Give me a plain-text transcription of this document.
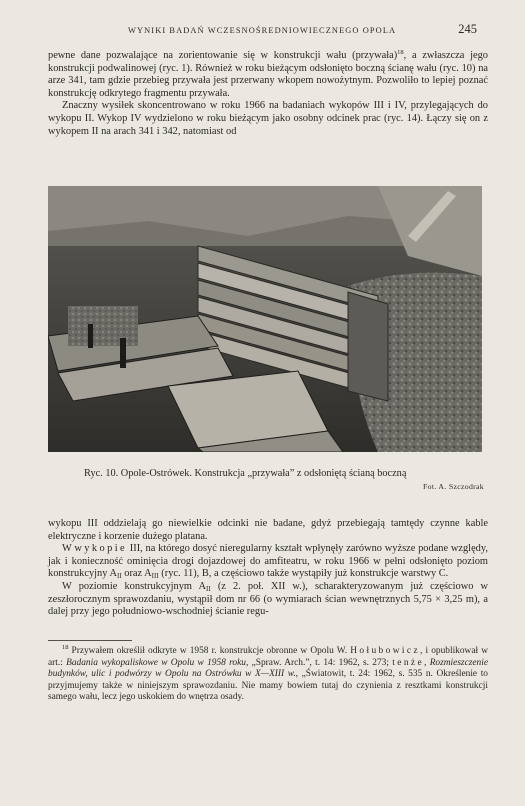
WYNIKI BADAŃ WCZESNOŚREDNIOWIECZNEGO OPOLA	245

pewne dane pozwalające na zorientowanie się w konstrukcji wału (przywała)$^{18}$, a zwłaszcza jego konstrukcji podwalinowej (ryc. 1). Również w roku bieżącym odsłonięto boczną ścianę wału (ryc. 10) na arze 341, tam gdzie przebieg przywała jest przerwany wkopem nowożytnym. Pozwoliło to lepiej poznać konstrukcję odkrytego fragmentu przywała.

Znaczny wysiłek skoncentrowano w roku 1966 na badaniach wykopów III i IV, przylegających do wykopu II. Wykop IV wydzielono w roku bieżącym jako osobny odcinek prac (ryc. 14). Łączy się on z wykopem II na arach 341 i 342, natomiast od

Ryc. 10. Opole-Ostrówek. Konstrukcja „przywała” z odsłoniętą ścianą boczną
Fot. A. Szczodrak

wykopu III oddzielają go niewielkie odcinki nie badane, gdyż przebiegają tamtędy czynne kable elektryczne i korzenie dużego platana.

W wykopie III, na którego dosyć nieregularny kształt wpłynęły zarówno wyższe podane względy, jak i konieczność ominięcia drogi dojazdowej do amfiteatru, w roku 1966 w pełni odsłonięto poziom konstrukcyjny $A_{II}$ oraz $A_{III}$ (ryc. 11), B, a częściowo także wystąpiły już konstrukcje warstwy C.

W poziomie konstrukcyjnym $A_{II}$ (z 2. poł. XII w.), scharakteryzowanym już częściowo w zeszłorocznym sprawozdaniu, wystąpił dom nr 66 (o wymiarach ścian wewnętrznych 5,75 × 3,25 m), a dalej przy jego południowo-wschodniej ścianie regu-

$^{18}$ Przywałem określił odkryte w 1958 r. konstrukcje obronne w Opolu W. Hołubowicz, i opublikował w art.: Badania wykopaliskowe w Opolu w 1958 roku, „Spraw. Arch.”, t. 14: 1962, s. 273; tenże, Rozmieszczenie budynków, ulic i podwórzy w Opolu na Ostrówku w X—XIII w., „Światowit, t. 24: 1962, s. 535 n. Określenie to przyjmujemy także w niniejszym sprawozdaniu. Nie mamy bowiem tutaj do czynienia z resztkami konstrukcji samego wału, lecz jego uskokiem do wnętrza osady.
